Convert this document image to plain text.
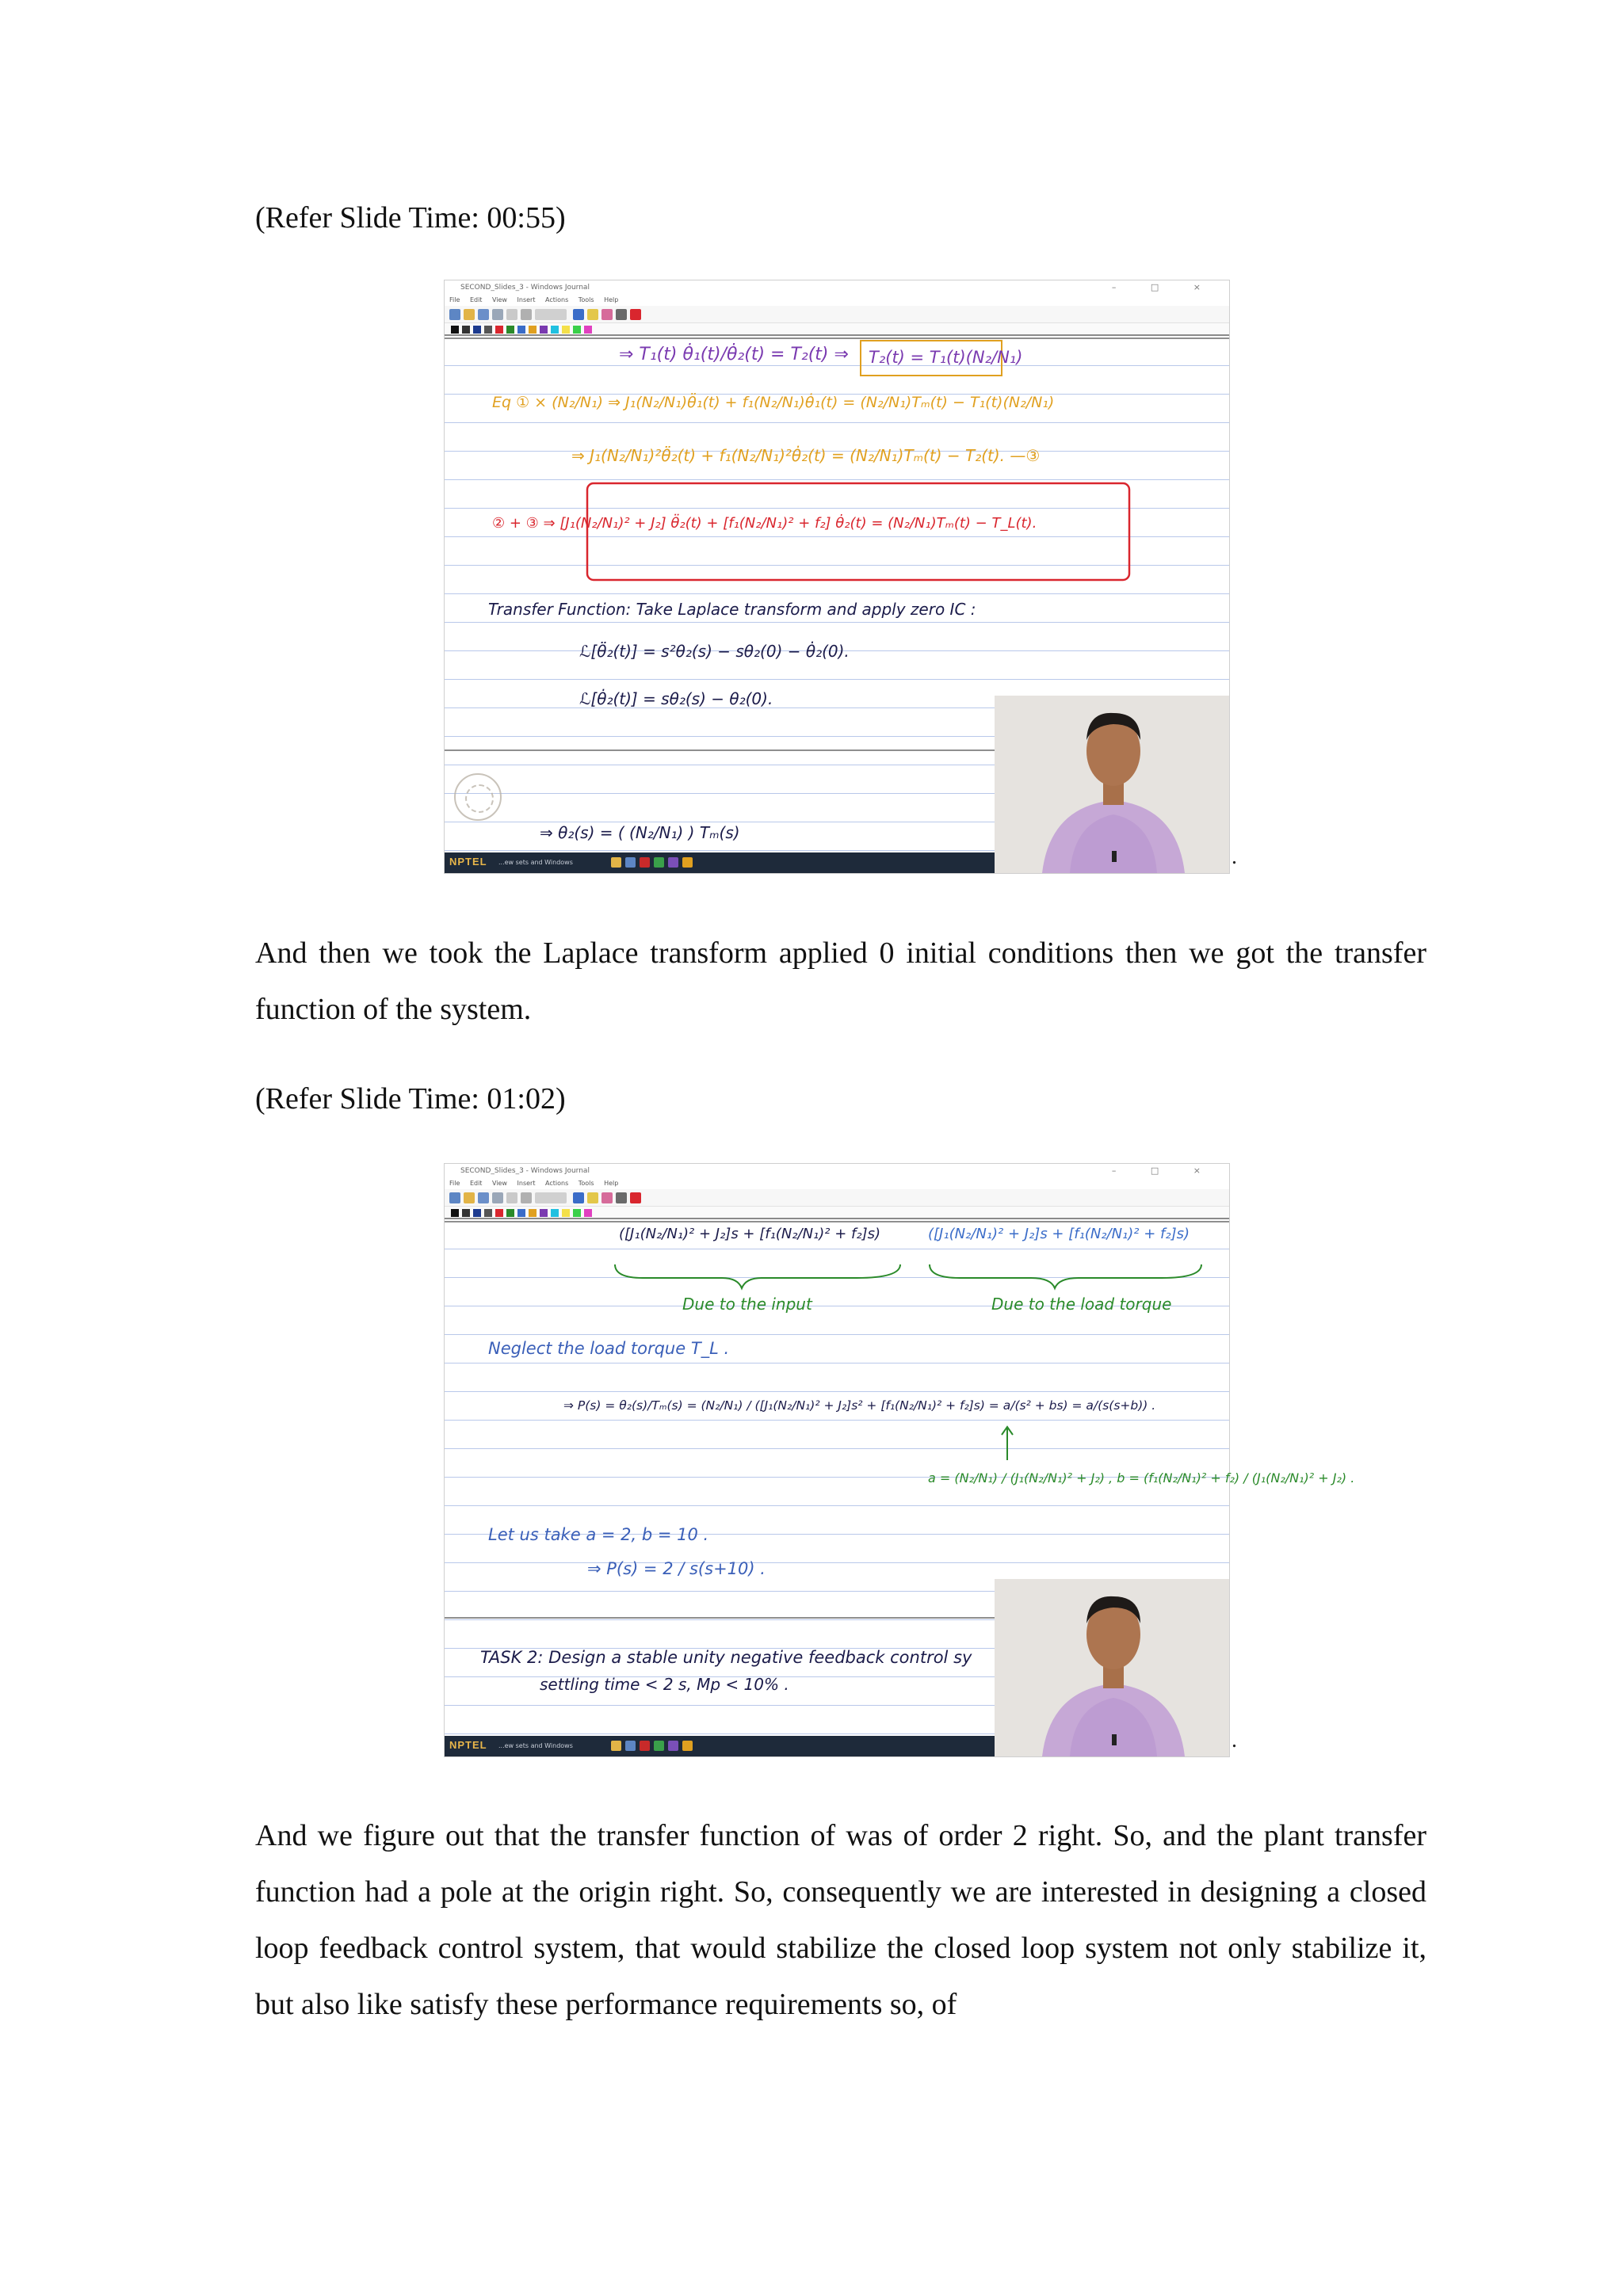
(Refer Slide Time: 00:55)
SECOND_Slides_3 - Windows Journal	– □ ×
File Edit View Insert Actions Tools Help
⇒ T₁(t) θ̇₁(t)/θ̇₂(t) = T₂(t) ⇒ T₂(t) = T₁(t)(N₂/N₁)
Eq ① × (N₂/N₁) ⇒ J₁(N₂/N₁)θ̈₁(t) + f₁(N₂/N₁)θ̇₁(t) = (N₂/N₁)Tₘ(t) − T₁(t)(N₂/N₁)
⇒ J₁(N₂/N₁)²θ̈₂(t) + f₁(N₂/N₁)²θ̇₂(t) = (N₂/N₁)Tₘ(t) − T₂(t). —③
② + ③ ⇒ [J₁(N₂/N₁)² + J₂] θ̈₂(t) + [f₁(N₂/N₁)² + f₂] θ̇₂(t) = (N₂/N₁)Tₘ(t) − T_L(t).
Transfer Function: Take Laplace transform and apply zero IC :
ℒ[θ̈₂(t)] = s²θ₂(s) − sθ₂(0) − θ̇₂(0).
ℒ[θ̇₂(t)] = sθ₂(s) − θ₂(0).
⇒ θ₂(s) = ( (N₂/N₁) ) Tₘ(s)
NPTEL ...ew sets and Windows	.
And then we took the Laplace transform applied 0 initial conditions then we got the transfer function of the system.
(Refer Slide Time: 01:02)
SECOND_Slides_3 - Windows Journal	– □ ×
File Edit View Insert Actions Tools Help
([J₁(N₂/N₁)² + J₂]s + [f₁(N₂/N₁)² + f₂]s)	([J₁(N₂/N₁)² + J₂]s + [f₁(N₂/N₁)² + f₂]s)
Due to the input	Due to the load torque
Neglect the load torque T_L .
⇒ P(s) = θ₂(s)/Tₘ(s) = (N₂/N₁) / ([J₁(N₂/N₁)² + J₂]s² + [f₁(N₂/N₁)² + f₂]s) = a/(s² + bs) = a/(s(s+b)) .
a = (N₂/N₁) / (J₁(N₂/N₁)² + J₂) , b = (f₁(N₂/N₁)² + f₂) / (J₁(N₂/N₁)² + J₂) .
Let us take a = 2, b = 10 .
⇒ P(s) = 2 / s(s+10) .
TASK 2: Design a stable unity negative feedback control sy
settling time < 2 s, Mp < 10% .
NPTEL ...ew sets and Windows	.
And we figure out that the transfer function of was of order 2 right. So, and the plant transfer function had a pole at the origin right. So, consequently we are interested in designing a closed loop feedback control system, that would stabilize the closed loop system not only stabilize it, but also like satisfy these performance requirements so, of
